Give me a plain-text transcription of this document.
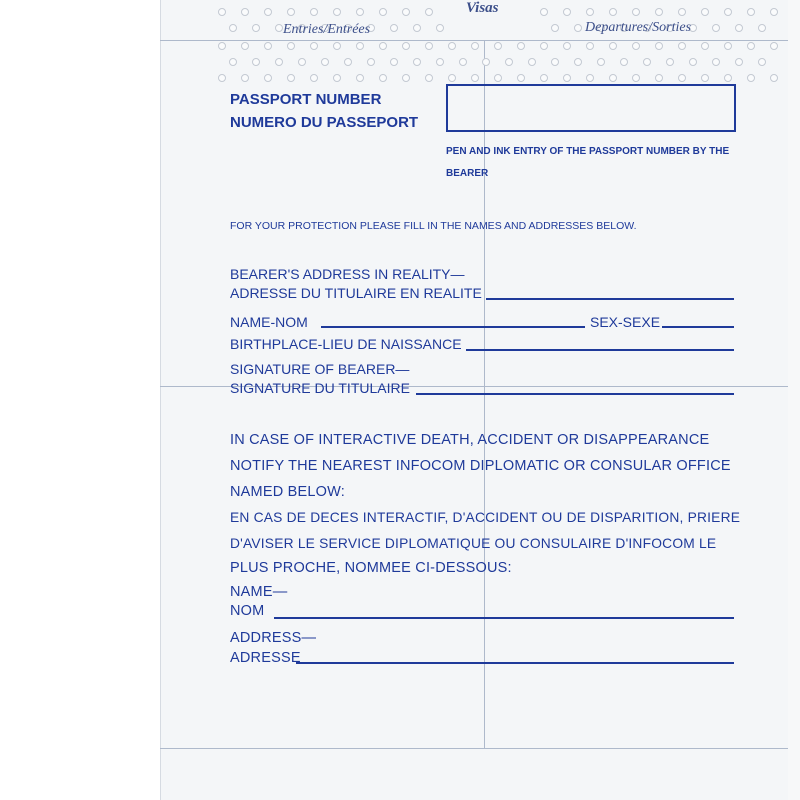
Visas
Entries/Entrées	Departures/Sorties
PASSPORT NUMBER
NUMERO DU PASSEPORT
PEN AND INK ENTRY OF THE PASSPORT NUMBER BY THE
BEARER
FOR YOUR PROTECTION PLEASE FILL IN THE NAMES AND ADDRESSES BELOW.
BEARER'S ADDRESS IN REALITY—
ADRESSE DU TITULAIRE EN REALITE
NAME-NOM	SEX-SEXE
BIRTHPLACE-LIEU DE NAISSANCE
SIGNATURE OF BEARER—
SIGNATURE DU TITULAIRE
IN CASE OF INTERACTIVE DEATH, ACCIDENT OR DISAPPEARANCE
NOTIFY THE NEAREST INFOCOM DIPLOMATIC OR CONSULAR OFFICE
NAMED BELOW:
EN CAS DE DECES INTERACTIF, D'ACCIDENT OU DE DISPARITION, PRIERE
D'AVISER LE SERVICE DIPLOMATIQUE OU CONSULAIRE D'INFOCOM LE
PLUS PROCHE, NOMMEE CI-DESSOUS:
NAME—
NOM
ADDRESS—
ADRESSE
